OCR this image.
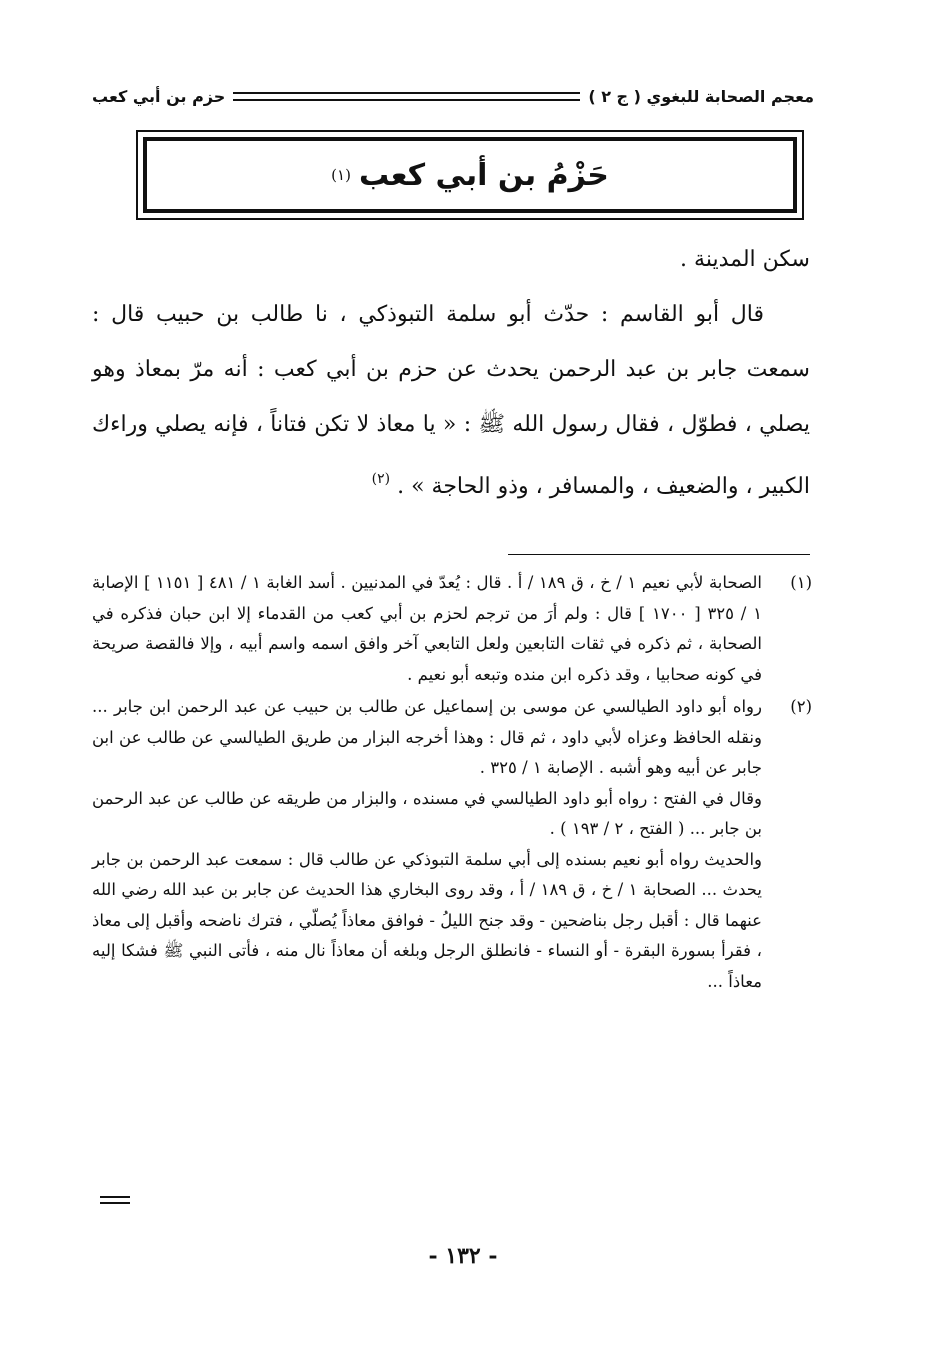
معجم الصحابة للبغوي ( ج ٢ )
حزم بن أبي كعب
حَزْمُ بن أبي كعب
(١)

سكن المدينة .

قال أبو القاسم : حدّث أبو سلمة التبوذكي ، نا طالب بن حبيب قال : سمعت جابر بن عبد الرحمن يحدث عن حزم بن أبي كعب : أنه مرّ بمعاذ وهو يصلي ، فطوّل ، فقال رسول الله ﷺ : « يا معاذ لا تكن فتاناً ، فإنه يصلي وراءك الكبير ، والضعيف ، والمسافر ، وذو الحاجة » . $^{(٢)}$

(١)

الصحابة لأبي نعيم ١ / خ ، ق ١٨٩ / أ . قال : يُعدّ في المدنيين . أسد الغابة ١ / ٤٨١ [ ١١٥١ ] الإصابة ١ / ٣٢٥ [ ١٧٠٠ ] قال : ولم أرَ من ترجم لحزم بن أبي كعب من القدماء إلا ابن حبان فذكره في الصحابة ، ثم ذكره في ثقات التابعين ولعل التابعي آخر وافق اسمه واسم أبيه ، وإلا فالقصة صريحة في كونه صحابيا ، وقد ذكره ابن منده وتبعه أبو نعيم .

(٢)

رواه أبو داود الطيالسي عن موسى بن إسماعيل عن طالب بن حبيب عن عبد الرحمن ابن جابر ... ونقله الحافظ وعزاه لأبي داود ، ثم قال : وهذا أخرجه البزار من طريق الطيالسي عن طالب عن ابن جابر عن أبيه وهو أشبه . الإصابة ١ / ٣٢٥ .

وقال في الفتح : رواه أبو داود الطيالسي في مسنده ، والبزار من طريقه عن طالب عن عبد الرحمن بن جابر ... ( الفتح ، ٢ / ١٩٣ ) .

والحديث رواه أبو نعيم بسنده إلى أبي سلمة التبوذكي عن طالب قال : سمعت عبد الرحمن بن جابر يحدث ... الصحابة ١ / خ ، ق ١٨٩ / أ ، وقد روى البخاري هذا الحديث عن جابر بن عبد الله رضي الله عنهما قال : أقبل رجل بناضحين - وقد جنح الليلُ - فوافق معاذاً يُصلّي ، فترك ناضحه وأقبل إلى معاذ ، فقرأ بسورة البقرة - أو النساء - فانطلق الرجل وبلغه أن معاذاً نال منه ، فأتى النبي ﷺ فشكا إليه معاذاً ...

- ١٣٢ -
